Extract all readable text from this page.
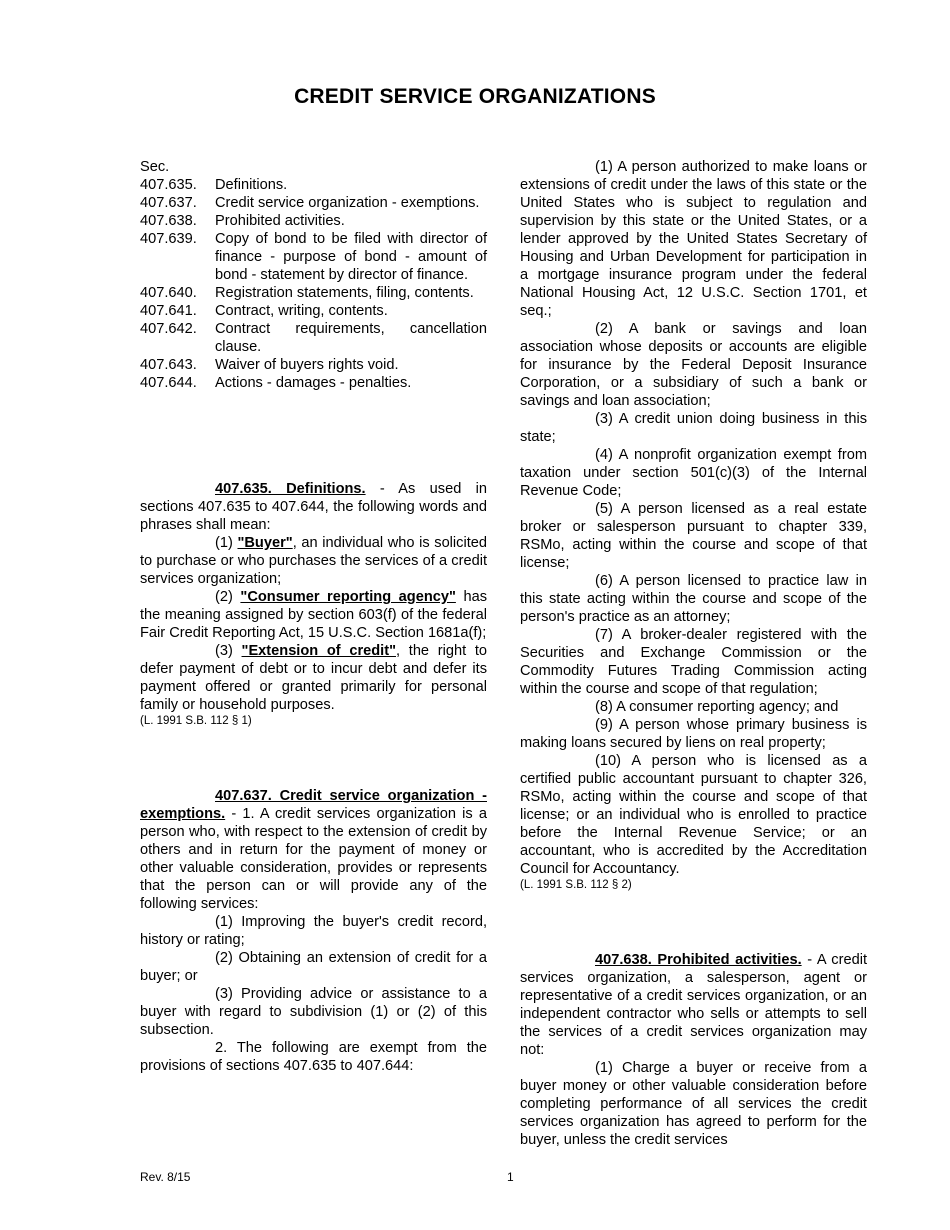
CREDIT SERVICE ORGANIZATIONS

Sec.

407.635.	Definitions.
407.637.	Credit service organization - exemptions.
407.638.	Prohibited activities.
407.639.	Copy of bond to be filed with director of finance - purpose of bond - amount of bond - statement by director of finance.
407.640.	Registration statements, filing, contents.
407.641.	Contract, writing, contents.
407.642.	Contract requirements, cancellation clause.
407.643.	Waiver of buyers rights void.
407.644.	Actions - damages - penalties.

407.635. Definitions. - As used in sections 407.635 to 407.644, the following words and phrases shall mean:

(1) "Buyer", an individual who is solicited to purchase or who purchases the services of a credit services organization;

(2) "Consumer reporting agency" has the meaning assigned by section 603(f) of the federal Fair Credit Reporting Act, 15 U.S.C. Section 1681a(f);

(3) "Extension of credit", the right to defer payment of debt or to incur debt and defer its payment offered or granted primarily for personal family or household purposes.

(L. 1991 S.B. 112 § 1)

407.637. Credit service organization - exemptions. - 1. A credit services organization is a person who, with respect to the extension of credit by others and in return for the payment of money or other valuable consideration, provides or represents that the person can or will provide any of the following services:

(1) Improving the buyer's credit record, history or rating;

(2) Obtaining an extension of credit for a buyer; or

(3) Providing advice or assistance to a buyer with regard to subdivision (1) or (2) of this subsection.

2. The following are exempt from the provisions of sections 407.635 to 407.644:

(1) A person authorized to make loans or extensions of credit under the laws of this state or the United States who is subject to regulation and supervision by this state or the United States, or a lender approved by the United States Secretary of Housing and Urban Development for participation in a mortgage insurance program under the federal National Housing Act, 12 U.S.C. Section 1701, et seq.;

(2) A bank or savings and loan association whose deposits or accounts are eligible for insurance by the Federal Deposit Insurance Corporation, or a subsidiary of such a bank or savings and loan association;

(3) A credit union doing business in this state;

(4) A nonprofit organization exempt from taxation under section 501(c)(3) of the Internal Revenue Code;

(5) A person licensed as a real estate broker or salesperson pursuant to chapter 339, RSMo, acting within the course and scope of that license;

(6) A person licensed to practice law in this state acting within the course and scope of the person's practice as an attorney;

(7) A broker-dealer registered with the Securities and Exchange Commission or the Commodity Futures Trading Commission acting within the course and scope of that regulation;

(8) A consumer reporting agency; and

(9) A person whose primary business is making loans secured by liens on real property;

(10) A person who is licensed as a certified public accountant pursuant to chapter 326, RSMo, acting within the course and scope of that license; or an individual who is enrolled to practice before the Internal Revenue Service; or an accountant, who is accredited by the Accreditation Council for Accountancy.

(L. 1991 S.B. 112 § 2)

407.638. Prohibited activities. - A credit services organization, a salesperson, agent or representative of a credit services organization, or an independent contractor who sells or attempts to sell the services of a credit services organization may not:

(1) Charge a buyer or receive from a buyer money or other valuable consideration before completing performance of all services the credit services organization has agreed to perform for the buyer, unless the credit services

Rev. 8/15	1
